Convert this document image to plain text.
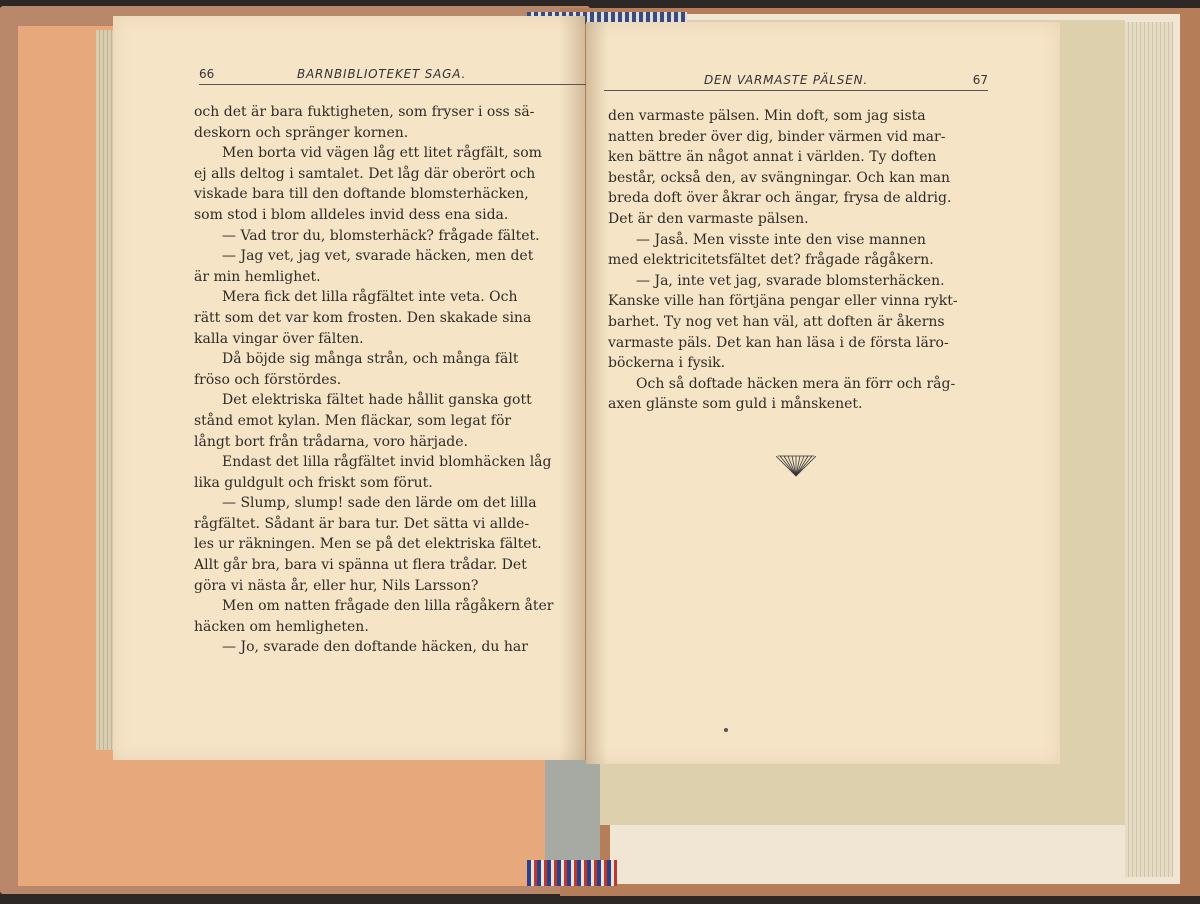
66	BARNBIBLIOTEKET SAGA.
och det är bara fuktigheten, som fryser i oss sä-
deskorn och spränger kornen.
Men borta vid vägen låg ett litet rågfält, som
ej alls deltog i samtalet. Det låg där oberört och
viskade bara till den doftande blomsterhäcken,
som stod i blom alldeles invid dess ena sida.
— Vad tror du, blomsterhäck? frågade fältet.
— Jag vet, jag vet, svarade häcken, men det
är min hemlighet.
Mera fick det lilla rågfältet inte veta. Och
rätt som det var kom frosten. Den skakade sina
kalla vingar över fälten.
Då böjde sig många strån, och många fält
fröso och förstördes.
Det elektriska fältet hade hållit ganska gott
stånd emot kylan. Men fläckar, som legat för
långt bort från trådarna, voro härjade.
Endast det lilla rågfältet invid blomhäcken låg
lika guldgult och friskt som förut.
— Slump, slump! sade den lärde om det lilla
rågfältet. Sådant är bara tur. Det sätta vi allde-
les ur räkningen. Men se på det elektriska fältet.
Allt går bra, bara vi spänna ut flera trådar. Det
göra vi nästa år, eller hur, Nils Larsson?
Men om natten frågade den lilla rågåkern åter
häcken om hemligheten.
— Jo, svarade den doftande häcken, du har
DEN VARMASTE PÄLSEN.	67
den varmaste pälsen. Min doft, som jag sista
natten breder över dig, binder värmen vid mar-
ken bättre än något annat i världen. Ty doften
består, också den, av svängningar. Och kan man
breda doft över åkrar och ängar, frysa de aldrig.
Det är den varmaste pälsen.
— Jaså. Men visste inte den vise mannen
med elektricitetsfältet det? frågade rågåkern.
— Ja, inte vet jag, svarade blomsterhäcken.
Kanske ville han förtjäna pengar eller vinna rykt-
barhet. Ty nog vet han väl, att doften är åkerns
varmaste päls. Det kan han läsa i de första läro-
böckerna i fysik.
Och så doftade häcken mera än förr och råg-
axen glänste som guld i månskenet.
